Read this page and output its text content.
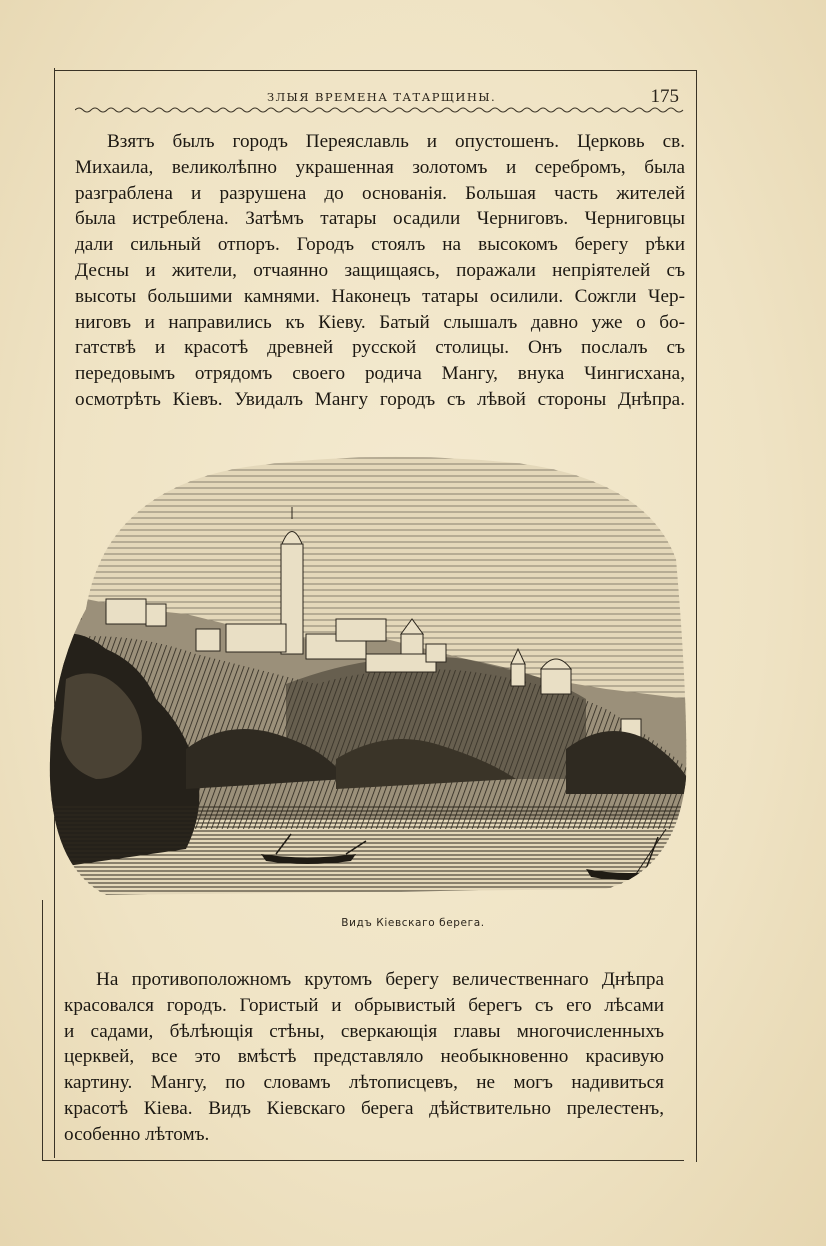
ЗЛЫЯ ВРЕМЕНА ТАТАРЩИНЫ.	175
Взятъ былъ городъ Переяславль и опустошенъ. Церковь св.
Михаила, великолѣпно украшенная золотомъ и серебромъ, была
разграблена и разрушена до основанія. Большая часть жителей
была истреблена. Затѣмъ татары осадили Черниговъ. Черниговцы
дали сильный отпоръ. Городъ стоялъ на высокомъ берегу рѣки
Десны и жители, отчаянно защищаясь, поражали непріятелей съ
высоты большими камнями. Наконецъ татары осилили. Сожгли Чер-
ниговъ и направились къ Кіеву. Батый слышалъ давно уже о бо-
гатствѣ и красотѣ древней русской столицы. Онъ послалъ съ
передовымъ отрядомъ своего родича Мангу, внука Чингисхана,
осмотрѣть Кіевъ. Увидалъ Мангу городъ съ лѣвой стороны Днѣпра.
Видъ Кіевскаго берега.
На противоположномъ крутомъ берегу величественнаго Днѣпра
красовался городъ. Гористый и обрывистый берегъ съ его лѣсами
и садами, бѣлѣющія стѣны, сверкающія главы многочисленныхъ
церквей, все это вмѣстѣ представляло необыкновенно красивую
картину. Мангу, по словамъ лѣтописцевъ, не могъ надивиться
красотѣ Кіева. Видъ Кіевскаго берега дѣйствительно прелестенъ,
особенно лѣтомъ.
